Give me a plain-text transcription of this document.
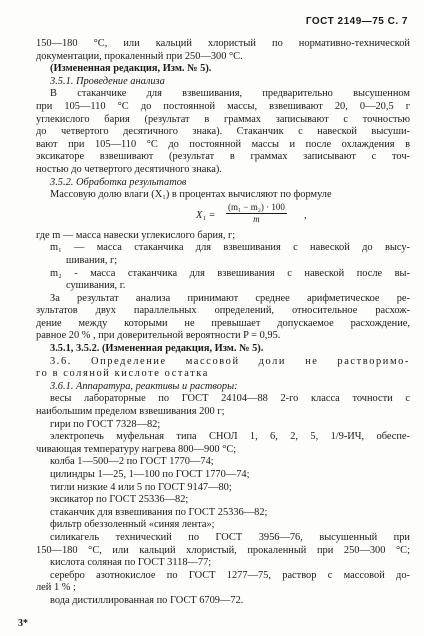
ГОСТ 2149—75 С. 7
150—180 °С, или кальций хлористый по нормативно-технической
документации, прокаленный при 250—300 °С.
(Измененная редакция, Изм. № 5).
3.5.1. Проведение анализа
В стаканчике для взвешивания, предварительно высушенном
при 105—110 °С до постоянной массы, взвешивают 20, 0—20,5 г
углекислого бария (результат в граммах записывают с точностью
до четвертого десятичного знака). Стаканчик с навеской высуши-
вают при 105—110 °С до постоянной массы и после охлаждения в
эксикаторе взвешивают (результат в граммах записывают с точ-
ностью до четвертого десятичного знака).
3.5.2. Обработка результатов
Массовую долю влаги (X₁) в процентах вычисляют по формуле
$X_1 = \frac{\text{(m₁ − m₂) · 100}}{m}$ ,
где m — масса навески углекислого бария, г;
m₁ — масса стаканчика для взвешивания с навеской до высу-
шивания, г;
m₂ - масса стаканчика для взвешивания с навеской после вы-
сушивания, г.
За результат анализа принимают среднее арифметическое ре-
зультатов двух параллельных определений, относительное расхож-
дение между которыми не превышает допускаемое расхождение,
равное 20 % , при доверительной вероятности P = 0,95.
3.5.1, 3.5.2. (Измененная редакция, Изм. № 5).
3.6. Определение массовой доли не растворимо-
го в соляной кислоте остатка
3.6.1. Аппаратура, реактивы и растворы:
весы лабораторные по ГОСТ 24104—88 2-го класса точности с
наибольшим пределом взвешивания 200 г;
гири по ГОСТ 7328—82;
электропечь муфельная типа СНОЛ 1, 6, 2, 5, 1/9-ИЧ, обеспе-
чивающая температуру нагрева 800—900 °С;
колба 1—500—2 по ГОСТ 1770—74;
цилиндры 1—25, 1—100 по ГОСТ 1770—74;
тигли низкие 4 или 5 по ГОСТ 9147—80;
эксикатор по ГОСТ 25336—82;
стаканчик для взвешивания по ГОСТ 25336—82;
фильтр обеззоленный «синяя лента»;
силикагель технический по ГОСТ 3956—76, высушенный при
150—180 °С, или кальций хлористый, прокаленный при 250—300 °С;
кислота соляная по ГОСТ 3118—77;
серебро азотнокислое по ГОСТ 1277—75, раствор с массовой до-
лей 1 % ;
вода дистиллированная по ГОСТ 6709—72.
3*
